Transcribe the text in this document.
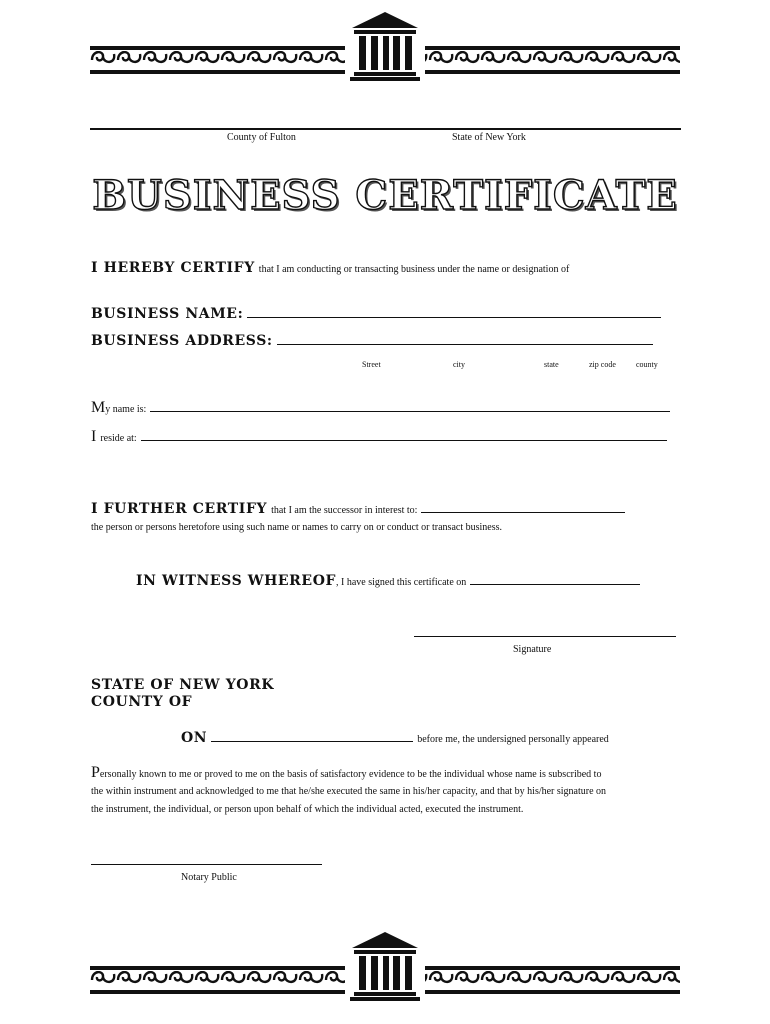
County of Fulton	State of New York
BUSINESS CERTIFICATE
I HEREBY CERTIFY that I am conducting or transacting business under the name or designation of
BUSINESS NAME:
BUSINESS ADDRESS:
Street	city	state	zip code	county
My name is:
I reside at:
I FURTHER CERTIFY that I am the successor in interest to:
the person or persons heretofore using such name or names to carry on or conduct or transact business.
IN WITNESS WHEREOF, I have signed this certificate on
Signature
STATE OF NEW YORK
COUNTY OF
ON	before me, the undersigned personally appeared
Personally known to me or proved to me on the basis of satisfactory evidence to be the individual whose name is subscribed to
the within instrument and acknowledged to me that he/she executed the same in his/her capacity, and that by his/her signature on
the instrument, the individual, or person upon behalf of which the individual acted, executed the instrument.
Notary Public
